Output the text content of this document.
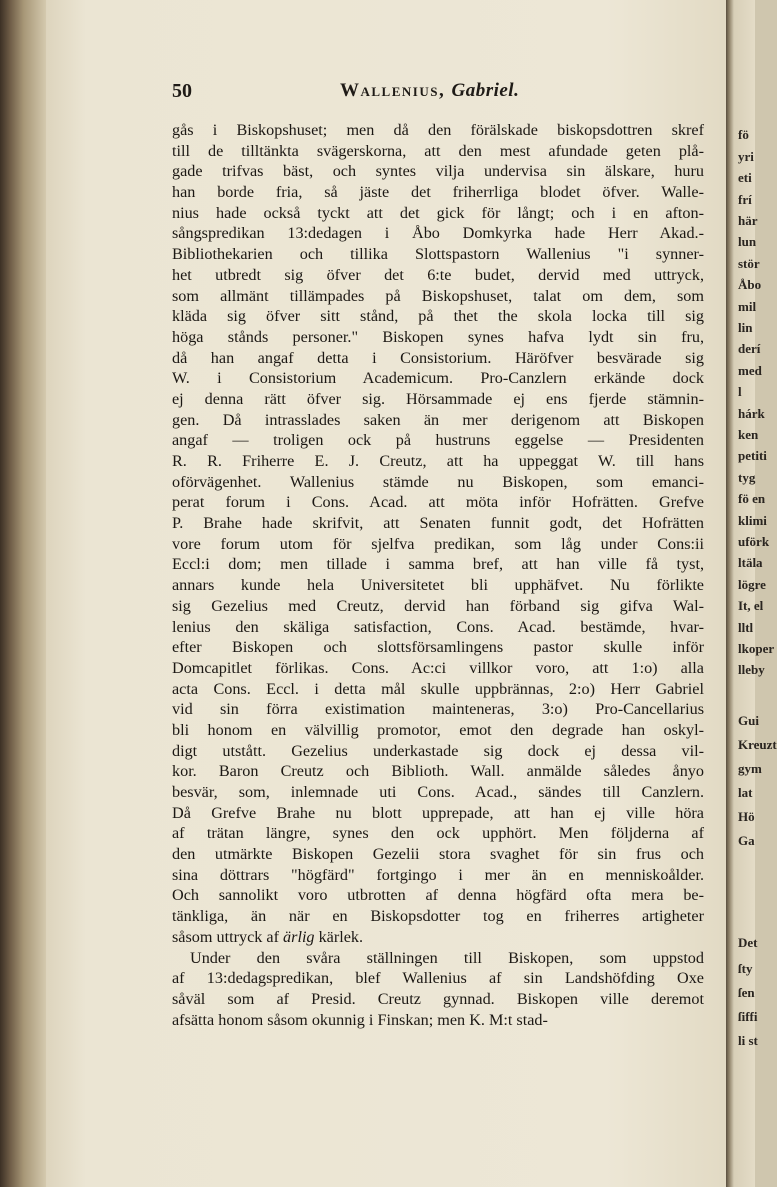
50	Wallenius, Gabriel.
gås i Biskopshuset; men då den förälskade biskopsdottren skref
till de tilltänkta svägerskorna, att den mest afundade geten plå-
gade trifvas bäst, och syntes vilja undervisa sin älskare, huru
han borde fria, så jäste det friherrliga blodet öfver. Walle-
nius hade också tyckt att det gick för långt; och i en afton-
sångspredikan 13:dedagen i Åbo Domkyrka hade Herr Akad.-
Bibliothekarien och tillika Slottspastorn Wallenius "i synner-
het utbredt sig öfver det 6:te budet, dervid med uttryck,
som allmänt tillämpades på Biskopshuset, talat om dem, som
kläda sig öfver sitt stånd, på thet the skola locka till sig
höga stånds personer." Biskopen synes hafva lydt sin fru,
då han angaf detta i Consistorium. Häröfver besvärade sig
W. i Consistorium Academicum. Pro-Canzlern erkände dock
ej denna rätt öfver sig. Hörsammade ej ens fjerde stämnin-
gen. Då intrasslades saken än mer derigenom att Biskopen
angaf — troligen ock på hustruns eggelse — Presidenten
R. R. Friherre E. J. Creutz, att ha uppeggat W. till hans
oförvägenhet. Wallenius stämde nu Biskopen, som emanci-
perat forum i Cons. Acad. att möta inför Hofrätten. Grefve
P. Brahe hade skrifvit, att Senaten funnit godt, det Hofrätten
vore forum utom för sjelfva predikan, som låg under Cons:ii
Eccl:i dom; men tillade i samma bref, att han ville få tyst,
annars kunde hela Universitetet bli upphäfvet. Nu förlikte
sig Gezelius med Creutz, dervid han förband sig gifva Wal-
lenius den skäliga satisfaction, Cons. Acad. bestämde, hvar-
efter Biskopen och slottsförsamlingens pastor skulle inför
Domcapitlet förlikas. Cons. Ac:ci villkor voro, att 1:o) alla
acta Cons. Eccl. i detta mål skulle uppbrännas, 2:o) Herr Gabriel
vid sin förra existimation mainteneras, 3:o) Pro-Cancellarius
bli honom en välvillig promotor, emot den degrade han oskyl-
digt utstått. Gezelius underkastade sig dock ej dessa vil-
kor. Baron Creutz och Biblioth. Wall. anmälde således ånyo
besvär, som, inlemnade uti Cons. Acad., sändes till Canzlern.
Då Grefve Brahe nu blott upprepade, att han ej ville höra
af trätan längre, synes den ock upphört. Men följderna af
den utmärkte Biskopen Gezelii stora svaghet för sin frus och
sina döttrars "högfärd" fortgingo i mer än en menniskoålder.
Och sannolikt voro utbrotten af denna högfärd ofta mera be-
tänkliga, än när en Biskopsdotter tog en friherres artigheter
såsom uttryck af ärlig kärlek.
Under den svåra ställningen till Biskopen, som uppstod
af 13:dedagspredikan, blef Wallenius af sin Landshöfding Oxe
såväl som af Presid. Creutz gynnad. Biskopen ville deremot
afsätta honom såsom okunnig i Finskan; men K. M:t stad-
fö
yri
eti
frí
här
lun
stör
Åbo
mil
lin
derí
med
l
hárk
ken
petiti
tyg
fö en
klimi
uförk
ltäla
lögre
It, el
lltl
lkoper
lleby
Gui
Kreuzt
gym
lat
Hö
Ga
Det
ſty
ſen
ſiffi
li st
